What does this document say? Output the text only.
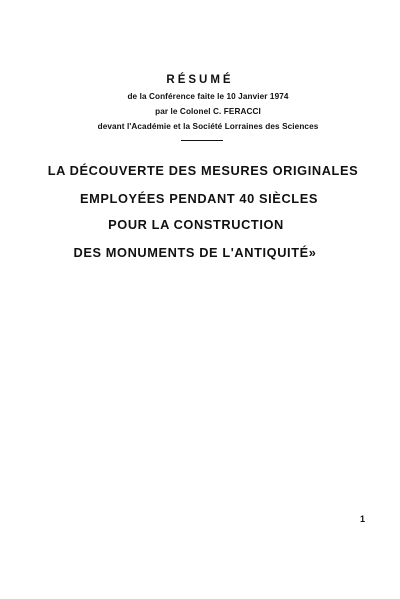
RÉSUMÉ
de la Conférence faite le 10 Janvier 1974
par le Colonel C. FERACCI
devant l'Académie et la Société Lorraines des Sciences
LA DÉCOUVERTE DES MESURES ORIGINALES
EMPLOYÉES PENDANT 40 SIÈCLES
POUR LA CONSTRUCTION
DES MONUMENTS DE L'ANTIQUITÉ»
1
